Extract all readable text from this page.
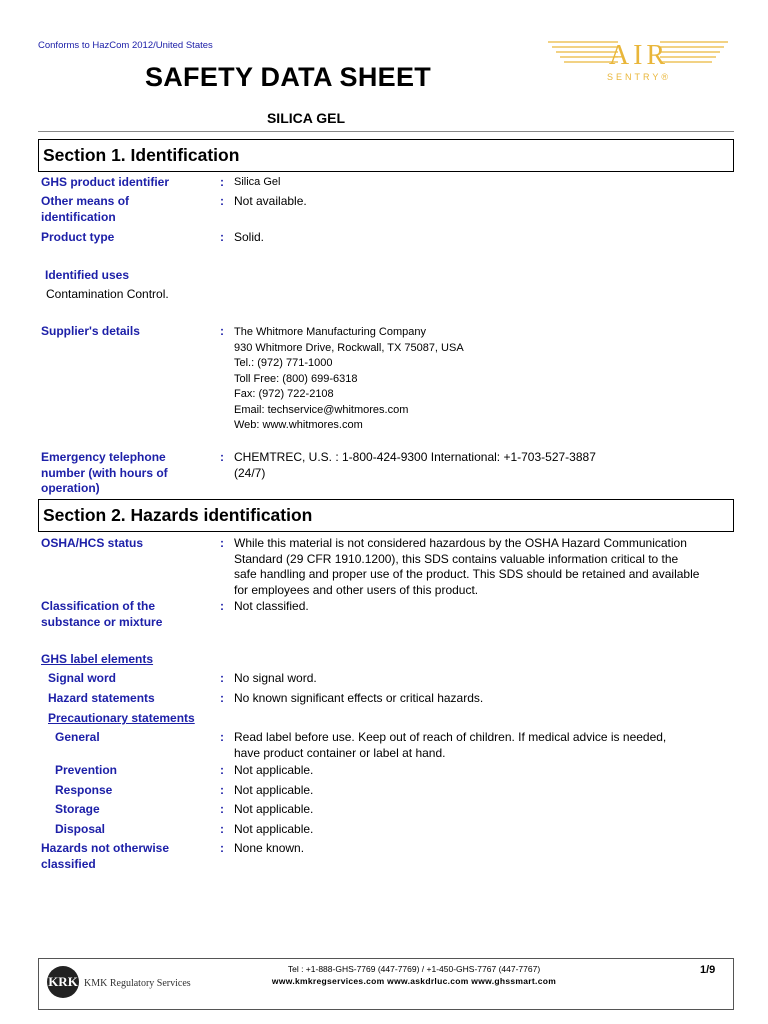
Conforms to HazCom 2012/United States
SAFETY DATA SHEET
SILICA GEL
AIR
SENTRY®
Section 1. Identification
GHS product identifier	: Silica Gel
Other means of
identification
: Not available.
Product type	: Solid.
Identified uses
Contamination Control.
Supplier's details	: The Whitmore Manufacturing Company
930 Whitmore Drive, Rockwall, TX 75087, USA
Tel.: (972) 771-1000
Toll Free: (800) 699-6318
Fax: (972) 722-2108
Email: techservice@whitmores.com
Web: www.whitmores.com
Emergency telephone
number (with hours of
operation)
: CHEMTREC, U.S. : 1-800-424-9300 International: +1-703-527-3887
(24/7)
Section 2. Hazards identification
OSHA/HCS status	: While this material is not considered hazardous by the OSHA Hazard Communication
Standard (29 CFR 1910.1200), this SDS contains valuable information critical to the
safe handling and proper use of the product. This SDS should be retained and available
for employees and other users of this product.
Classification of the
substance or mixture
: Not classified.
GHS label elements
Signal word	: No signal word.
Hazard statements	: No known significant effects or critical hazards.
Precautionary statements
General	: Read label before use. Keep out of reach of children. If medical advice is needed,
have product container or label at hand.
Prevention	: Not applicable.
Response	: Not applicable.
Storage	: Not applicable.
Disposal	: Not applicable.
Hazards not otherwise
classified
: None known.
KRK KMK Regulatory Services
Tel : +1-888-GHS-7769 (447-7769) / +1-450-GHS-7767 (447-7767)
www.kmkregservices.com www.askdrluc.com www.ghssmart.com
1/9
